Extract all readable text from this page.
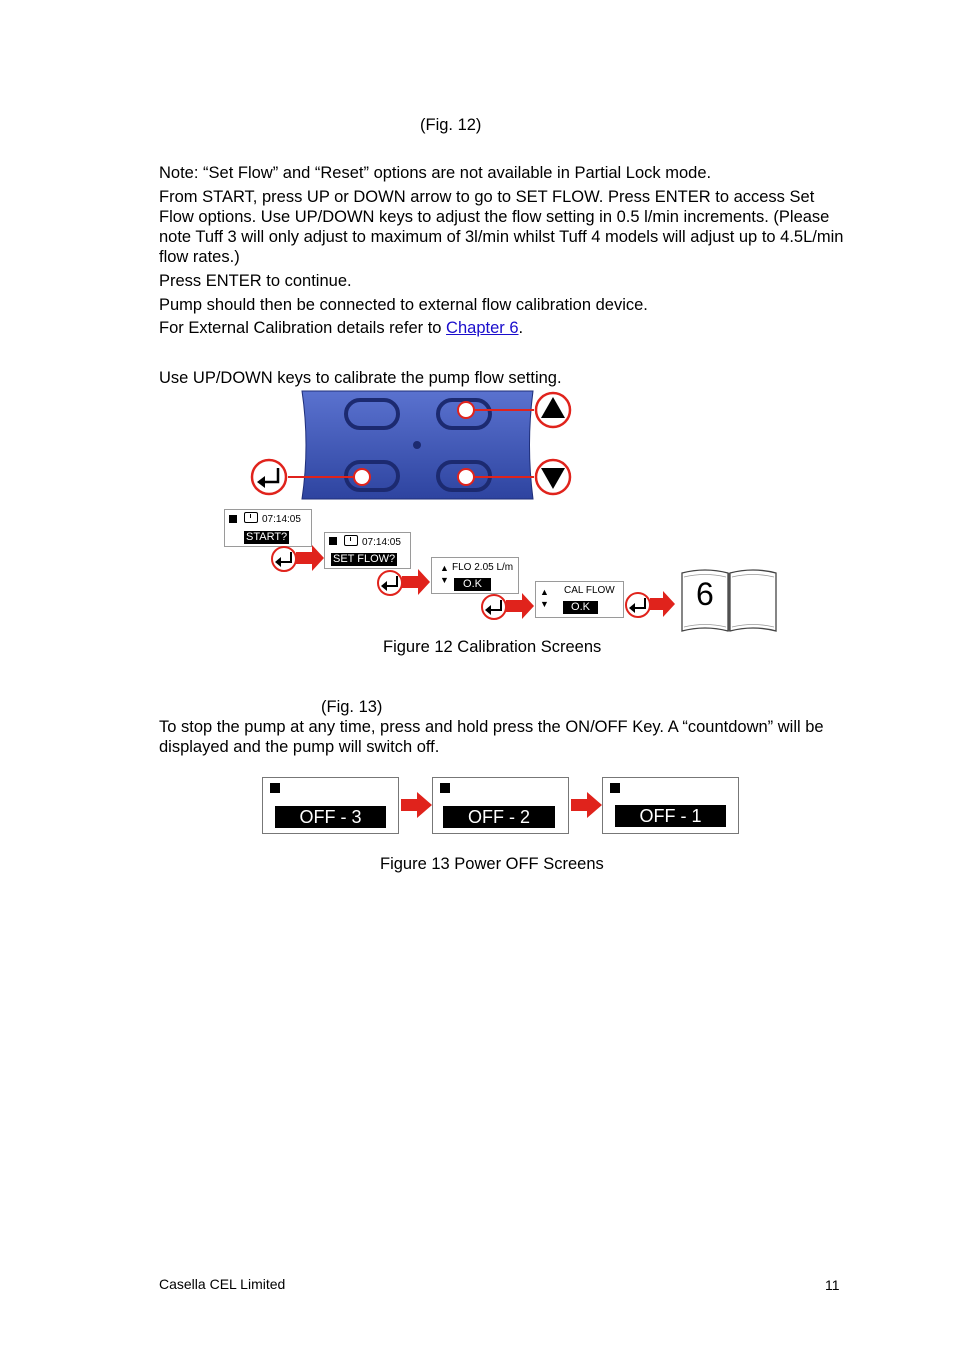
(Fig. 12)
Note: “Set Flow” and “Reset” options are not available in Partial Lock mode.
From START, press UP or DOWN arrow to go to SET FLOW. Press ENTER to access Set Flow options. Use UP/DOWN keys to adjust the flow setting in 0.5 l/min increments. (Please note Tuff 3 will only adjust to maximum of 3l/min whilst Tuff 4 models will adjust up to 4.5L/min flow rates.)
Press ENTER to continue.
Pump should then be connected to external flow calibration device.
For External Calibration details refer to Chapter 6.
Use UP/DOWN keys to calibrate the pump flow setting.
07:14:05
START?	07:14:05
SET FLOW?
▲
▼
FLO 2.05 L/m
O.K
▲
▼
CAL FLOW
O.K	6
Figure 12 Calibration Screens
(Fig. 13)
To stop the pump at any time, press and hold press the ON/OFF Key. A “countdown” will be displayed and the pump will switch off.
OFF - 3	OFF - 2	OFF - 1
Figure 13 Power OFF Screens
Casella CEL Limited	11
